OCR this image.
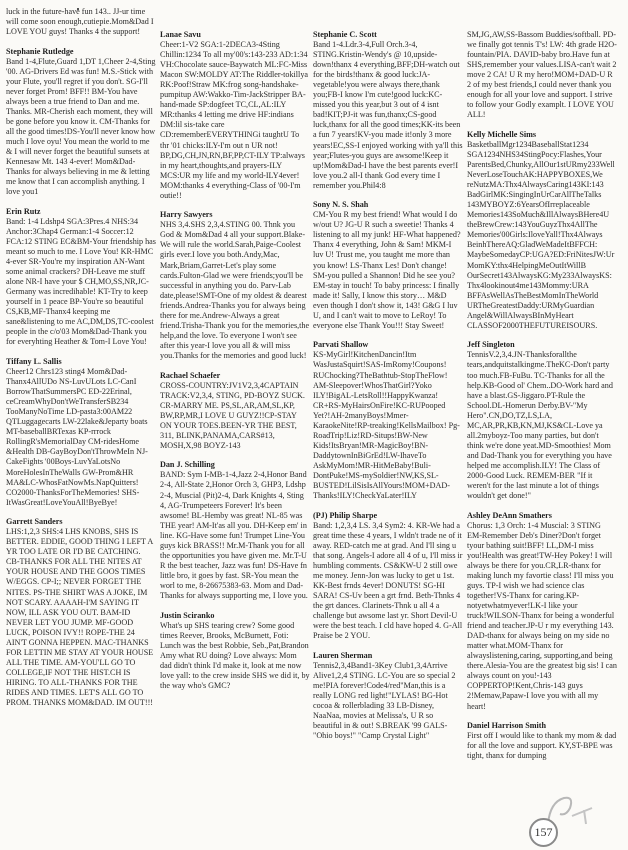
luck in the future-have fun 143.. JJ-ur time will come soon enough,cutiepie.Mom&Dad I LOVE YOU guys! Thanks 4 the support!
Stephanie Rutledge
Band 1-4,Flute,Guard 1,DT 1,Cheer 2-4,Sting '00. AG-Drivers Ed was fun! M.S.-Stick with your Flute, you'll regret if you don't. SG-I'll never forget Prom! BFF!! BM-You have always been a true friend to Dan and me. Thanks. MR-Cherish each moment, they will be gone before you know it. CM-Thanks for all the good times!DS-You'll never know how much I love oyu! You mean the world to me & I will never forget the beautiful sunsets at Kennesaw Mt. 143 4-ever! Mom&Dad-Thanks for always believing in me & letting me know that I can accomplish anything. I love you1
Erin Rutz
Band: 1-4 Ldshp4 SGA:3Pres.4 NHS:34 Anchor:3Chap4 German:1-4 Soccer:12 FCA:12 STING EC&BM-Your friendship has meant so much to me. I Love You! KR-HMC 4-ever SR-You're my inspiration AN-Want some animal crackers? DH-Leave me stuff alone NR-I have your $ CH,MO,SS,NR,JC-Germany was incredihable! KT-Try to keep yourself in 1 peace BP-You're so beautiful CS,KB,MF-Thanx4 keeping me sane&listening to me AC,DM,DS,TC-coolest people in the c/o'03 Mom&Dad-Thank you for everyhting Heather & Tom-I Love You!
Tiffany L. Sallis
Cheer12 Chrs123 sting4 Mom&Dad-Thanx4AllUDo NS-LuvULots LC-CanI BorrowThatSummersPC ED-22Erinal, ceCreamWhyDon'tWeTransferSB234 TooManyNoTime LD-pasta3:00AM22 QTLuggagecarts LW-22lake&Jeparty boats MT-baseballBRTexas KP-rrrock RollingR'sMemorialDay CM-ridesHome &Health DB-GayBoyDon'tThrowMeIn NJ-CakeFights '00Boys-LuvYaLotsNo MoreHolesInTheWalls GW-Prom&HR MA&LC-WhosFatNowMs.NapQuitters! CO2000-ThanksForTheMemories! SHS-ItWasGreat!LoveYouAll!ByeBye!
Garrett Sanders
LHS:1,2,3 SHS:4 LHS KNOBS, SHS IS BETTER. EDDIE, GOOD THING I LEFT A YR TOO LATE OR I'D BE CATCHING. CB-THANKS FOR ALL THE NITES AT YOUR HOUSE AND THE GOOS TIMES W/EGGS. CP-I;; NEVER FORGET THE NITES. PS-THE SHIRT WAS A JOKE, IM NOT SCARY. AAAAH-I'M SAYING IT NOW, ILL ASK YOU OUT. BAM-ID NEVER LET YOU JUMP. MF-GOOD LUCK, POISON IVY!! ROPE-THE 24 AIN'T GONNA HEPPEN. MAC-THANKS FOR LETTIN ME STAY AT YOUR HOUSE ALL THE TIME. AM-YOU'LL GO TO COLLEGE,IF NOT THE HIST.CH IS HIRING. TO ALL-THANKS FOR THE RIDES AND TIMES. LET'S ALL GO TO PROM. THANKS MOM&DAD. IM OUT!!!
Lanae Savu
Cheer:1-V2 SGA:1-2DECA3-4Sting Chillin:1234 To all my'00's:143-233 AD:1:34 VH:Chocolate sauce-Baywatch ML:FC-Miss Macon SW:MOLDY AT:The Riddler-tokillya RK:Poof!Straw MK:frog song-handshake-pumpitup AW:Wakko-Tim-JackStripper BA-hand-made SP:dogfeet TC,CL,AL:ILY MR:thanks 4 letting me drive HF:indians DM:lil sis-take care CD:rememberEVERYTHINGi taughtU To thr '01 chicks:ILY-I'm out n UR not! BP,DG,CH,JN,RN,BF,PP,CT-ILY TP:always in my heart,thoughts,and prayers-ILY MCS:UR my life and my world-ILY4ever! MOM:thanks 4 everything-Class of '00-I'm outie!!
Harry Sawyers
NHS 3,4.SHS 2,3,4.STING 00. Thnk you God & Mom&Dad 4 all your support.Blake-We will rule the world.Sarah,Paige-Coolest girls ever.I love you both.Andy,Mac, Mark,Briam,Garret-Let's play some cards.Fulton-Glad we were friends;you'll be successful in anything you do. Parv-Lab date,please!SMT-One of my oldest & dearest friends.Andrea-Thanks you for always being there for me.Andrew-Always a great friend.Trisha-Thank you for the memories,the help,and the love. To everyone I won't see after this year-I love you all & will miss you.Thanks for the memories and good luck!
Rachael Schaefer
CROSS-COUNTRY:JV1V2,3,4CAPTAIN TRACK:V2,3,4, STING, PD-BOYZ SUCK. CR-MARRY ME. PS,SL,AR,AM,SL,KP, BW,RP,MR,I LOVE U GUYZ!!CP-STAY ON YOUR TOES.BEEN-YR THE BEST, 311, BLINK,PANAMA,CARS#13, MOSH,X,98 BOYZ-143
Dan J. Schilling
BAND: Sym I-MB-1-4,Jazz 2-4,Honor Band 2-4, All-State 2,Honor Orch 3, GHP3, Ldshp 2-4, Muscial (Pit)2-4, Dark Knights 4, Sting 4, AG-Trumpeteers Forever! It's been awsome! BL-Hemby was great! NL-85 was THE year! AM-It'as all you. DH-Keep em' in line. KG-Have some fun! Trumpet Line-You guys kick BRASS!! Mr.M-Thank you for all the opportunities you have given me. Mr.T-U R the best teacher, Jazz was fun! DS-Have fn little bro, it goes by fast. SR-You mean the worl to me, 8-26675383-63. Mom and Dad-Thanks for always supporting me, I love you.
Justin Sciranko
What's up SHS tearing crew? Some good times Reever, Brooks, McBurnett, Foti: Lunch was the best Robbie, Seb.,Pat,Brandon Amy what RU doing? Love always: Mom dad didn't think I'd make it, look at me now love yall: to the crew inside SHS we did it, by the way who's GMC?
Stephanie C. Scott
Band 1-4.Ldr.3-4,Full Orch.3-4, STING.Kristin-Wendy's @ 10,upside-down!thanx 4 everything,BFF;DH-watch out for the birds!thanx & good luck:JA-vegetable!you were always there,thank you;FB-I know I'm cute!good luck:KC-missed you this year,but 3 out of 4 isnt bad!KIT;PJ-it was fun,thanx;CS-good luck,thanx for all the good times;KK-its been a fun 7 years!KV-you made it!only 3 more years!EC,SS-I enjoyed working with ya'll this year;Flutes-you guys are awsome!Keep it up!Mom&Dad-I have the best parents ever!I love you.2 all-I thank God every time I remember you.Phil4:8
Sony N. S. Shah
CM-You R my best friend! What would I do w/out U? JG-U R such a sweetie! Thanks 4 listening to all my junk! HF-What happened? Thanx 4 everything, John & Sam! MKM-I luv U! Trust me, you taught me more than you know! LS-Thanx Les! Don't change! SM-you pulled a Shannon! Did he see you? EM-stay in touch! To baby princess: I finally made it! Sally, I know this story… M&D even though I don't show it, 143! G&G I luv U, and I can't wait to move to LeRoy! To everyone else Thank You!!! Stay Sweet!
Parvati Shallow
KS-MyGirl!KitchenDancin!Itm WasJustaSquirt!SAS-ImRomy!Coupons! RUChocking?TheBathtub-StopTheFlow! AM-Sleepover!WhosThatGirl?Yoko ILY!BigAL-LetsRoll!!HappyKwanza! CR+RS-MyHairsOnFire!KC-RUPooped Yet?!AH-2manyBoys!Mmer-KaraokeNite!RP-treaking!KellsMailbox! Pg-RoadTrip!Liz!RD-Situps!BW-New Kids!ItsBryan!MR-MagicBoy!BN-DaddytownInBiGrEd!LW-IhaveTo AskMyMom!MR-HitMeBaby!Buli-DontPuke!MS-mySoldier!NW,KS,SL-BUSTED!LilSisIsAllYours!MOM+DAD-Thanks!ILY!CheckYaLater!ILY
(PJ) Philip Sharpe
Band: 1,2,3,4 LS. 3,4 Sym2: 4. KR-We had a great time these 4 years, I wldn't trade ne of it away. RED-catch me at grad. And I'll sing u that song. Angels-I adore all 4 of u, I'll miss ir humbling comments. CS&KW-U 2 still owe me money. Jenn-Jon was lucky to get u 1st. KK-Best frnds 4ever! DONUTS! SG-HI SARA! CS-Uv been a grt frnd. Beth-Thnks 4 the grt dances. Clarinets-Thnk u all 4 a challenge but awsome last yr. Short Devil-U were the best teach. I cld have hoped 4. G-All Praise be 2 YOU.
Lauren Sherman
Tennis2,3,4Band1-3Key Club1,3,4Arrive Alive1,2,4 STING. LC-You are so special 2 me!PIA forever!Code4/red"Man,this is a really LONG red light!"LYLAS! BG-Hot cocoa & rollerblading 33 LB-Disney, NaaNaa, movies at Melissa's, U R so beautiful in & out! S.BREAK '99 GALS-"Ohio boys!" "Camp Crystal Light"
SM,JG,AW,SS-Bassom Buddies/softball. PD-we finally got tennis T's! LW: 4th grade H2O-fountain/PIA. DAVID-baby bro.Have fun at SHS,remember your values.LISA-can't wait 2 move 2 CA! U R my hero!MOM+DAD-U R 2 of my best friends,I could never thank you enough for all your love and support. I strive to follow your Godly examplt. I LOVE YOU ALL!
Kelly Michelle Sims
BasketballMgr1234BaseballStat1234 SGA1234NHS34StingPocy:Flashes,Your ParentsBed,Chunky,AllOur1stURmy233Well NeverLoseTouchAK:HAPPYBOXES,We reNutzMA:Thx4AlwaysCaring143KI:143 BadGirlMK:SingingInUrCarAllTheTalks 143MYBOYZ:6YearsOfIrreplaceable Memories143SoMuch&IllAlwaysBHere4U theBrewCrew:143YouGuyzThx4AllThe Memories'00Girls:IloveYall!Thx4Always BeinhThereAQ:GladWeMadeItBFFCH: MaybeSomedayCP:UGA?ED:FriNitesJW:Ur MomKY:thx4HelpingMeOutItWillB OurSecret143AlwaysKG:My233AlwaysKS: Thx4lookinout4me143Mommy:URA BFFAsWellAsTheBestMomInTheWorld URTheGreatestDaddy:URMyGuardian Angel&WillAlwaysBInMyHeart CLASSOF2000THEFUTUREISOURS.
Jeff Singleton
TennisV.2,3,4.JN-Thanksforallthe tears,andquitstalkingme.TheKC-Don't party too much.FB-FuBu. TC-Thanks for all the help.KB-Good ol' Chem..DO-Work hard and have a blast.GS-Jiggaro.PT-Rule the School.DL-Homerun Derby.BV-"My Hero".CN,DO,TZ,LS,LA, MC,AR,PR,KB,KN,MJ,KS&CL-Love ya all.2myboyz-Too many parties, but don't think we're done yeat.MD-Smoothies! Mom and Dad-Thank you for everything you have helped me accomplish.ILY! The Class of 2000-Good Luck. REMEM-BER "If it weren't for the last minute a lot of things wouldn't get done!"
Ashley DeAnn Smathers
Chorus: 1,3 Orch: 1-4 Muscial: 3 STING EM-Remember Deb's Diner?Don't forget tyour bathing suit!BFF! LL,DM-I miss you!Health was great!TW-Hey Pokey! I will always be there for you.CR,LR-thanx for making lunch my favortie class! I'll miss you guys. TP-I wish we had science clas together!VS-Thanx for caring.KP-notyetwhatmyever!LK-I like your truck!WILSON-Thanx for being a wonderful friend and teacher.JP-U r my everything 143. DAD-thanx for always being on my side no matter what.MOM-Thanx for alwayslistening,caring, supporting,and being there.Alesia-You are the greatest big sis! I can always count on you!-143 COPPERTOP!Kent,Chris-143 guys 2!Memaw,Papaw-I love you with all my heart!
Daniel Harrison Smith
First off I would like to thank my mom & dad for all the love and support. KY,ST-BPE was tight, thanx for dumping
157
